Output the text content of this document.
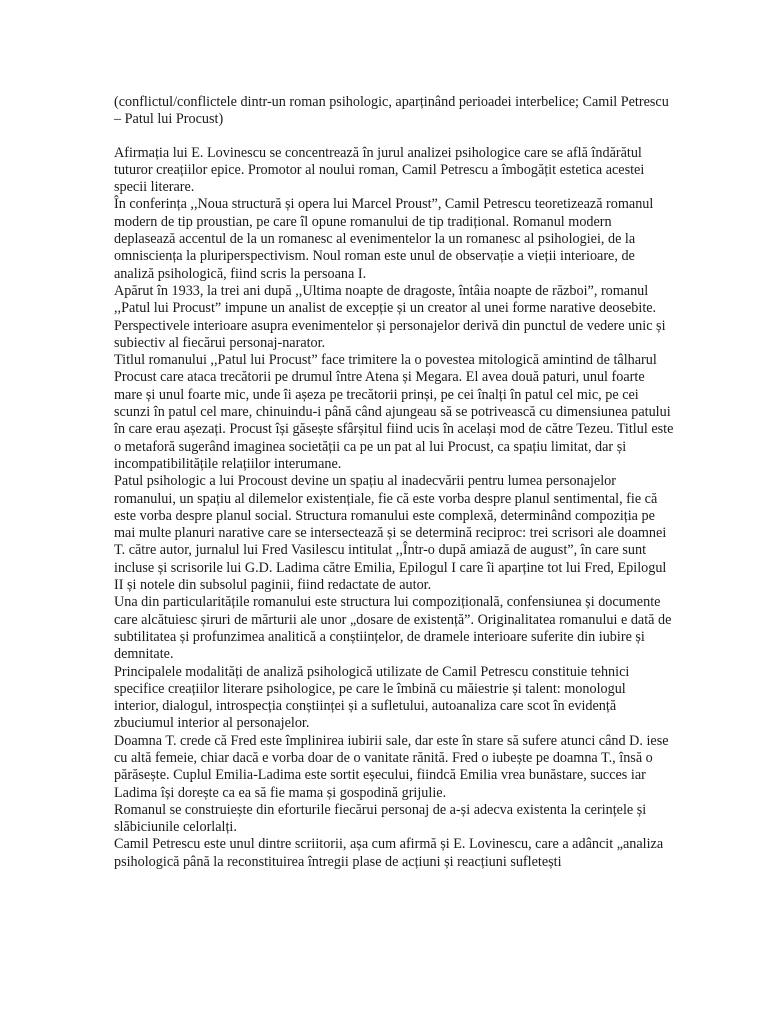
(conflictul/conflictele dintr-un roman psihologic, aparținând perioadei interbelice; Camil Petrescu – Patul lui Procust)

Afirmația lui E. Lovinescu se concentrează în jurul analizei psihologice care se află îndărătul tuturor creațiilor epice. Promotor al noului roman, Camil Petrescu a îmbogățit estetica acestei specii literare.

În conferința ,,Noua structură și opera lui Marcel Proust”, Camil Petrescu teoretizează romanul modern de tip proustian, pe care îl opune romanului de tip tradițional. Romanul modern deplasează accentul de la un romanesc al evenimentelor la un romanesc al psihologiei, de la omnisciența la pluriperspectivism. Noul roman este unul de observație a vieții interioare, de analiză psihologică, fiind scris la persoana I.

Apărut în 1933, la trei ani după ,,Ultima noapte de dragoste, întâia noapte de război”, romanul ,,Patul lui Procust” impune un analist de excepție și un creator al unei forme narative deosebite. Perspectivele interioare asupra evenimentelor și personajelor derivă din punctul de vedere unic și subiectiv al fiecărui personaj-narator.

Titlul romanului ,,Patul lui Procust” face trimitere la o povestea mitologică amintind de tâlharul Procust care ataca trecătorii pe drumul între Atena și Megara. El avea două paturi, unul foarte mare și unul foarte mic, unde îi așeza pe trecătorii prinși, pe cei înalți în patul cel mic, pe cei scunzi în patul cel mare, chinuindu-i până când ajungeau să se potrivească cu dimensiunea patului în care erau așezați. Procust își găsește sfârșitul fiind ucis în același mod de către Tezeu. Titlul este o metaforă sugerând imaginea societății ca pe un pat al lui Procust, ca spațiu limitat, dar și incompatibilitățile relațiilor interumane.

Patul psihologic a lui Procoust devine un spațiu al inadecvării pentru lumea personajelor romanului, un spațiu al dilemelor existențiale, fie că este vorba despre planul sentimental, fie că este vorba despre planul social. Structura romanului este complexă, determinând compoziția pe mai multe planuri narative care se intersectează și se determină reciproc: trei scrisori ale doamnei T. către autor, jurnalul lui Fred Vasilescu intitulat ,,Într-o după amiază de august”, în care sunt incluse și scrisorile lui G.D. Ladima către Emilia, Epilogul I care îi aparține tot lui Fred, Epilogul II și notele din subsolul paginii, fiind redactate de autor.

Una din particularitățile romanului este structura lui compozițională, confensiunea și documente care alcătuiesc șiruri de mărturii ale unor „dosare de existență”. Originalitatea romanului e dată de subtilitatea și profunzimea analitică a conștiințelor, de dramele interioare suferite din iubire și demnitate.

Principalele modalități de analiză psihologică utilizate de Camil Petrescu constituie tehnici specifice creațiilor literare psihologice, pe care le îmbină cu măiestrie și talent: monologul interior, dialogul, introspecția conștiinței și a sufletului, autoanaliza care scot în evidență zbuciumul interior al personajelor.

Doamna T. crede că Fred este împlinirea iubirii sale, dar este în stare să sufere atunci când D. iese cu altă femeie, chiar dacă e vorba doar de o vanitate rănită. Fred o iubește pe doamna T., însă o părăsește. Cuplul Emilia-Ladima este sortit eșecului, fiindcă Emilia vrea bunăstare, succes iar Ladima își dorește ca ea să fie mama și gospodină grijulie.

Romanul se construiește din eforturile fiecărui personaj de a-și adecva existenta la cerințele și slăbiciunile celorlalți.

Camil Petrescu este unul dintre scriitorii, așa cum afirmă și E. Lovinescu, care a adâncit „analiza psihologică până la reconstituirea întregii plase de acțiuni și reacțiuni sufletești
